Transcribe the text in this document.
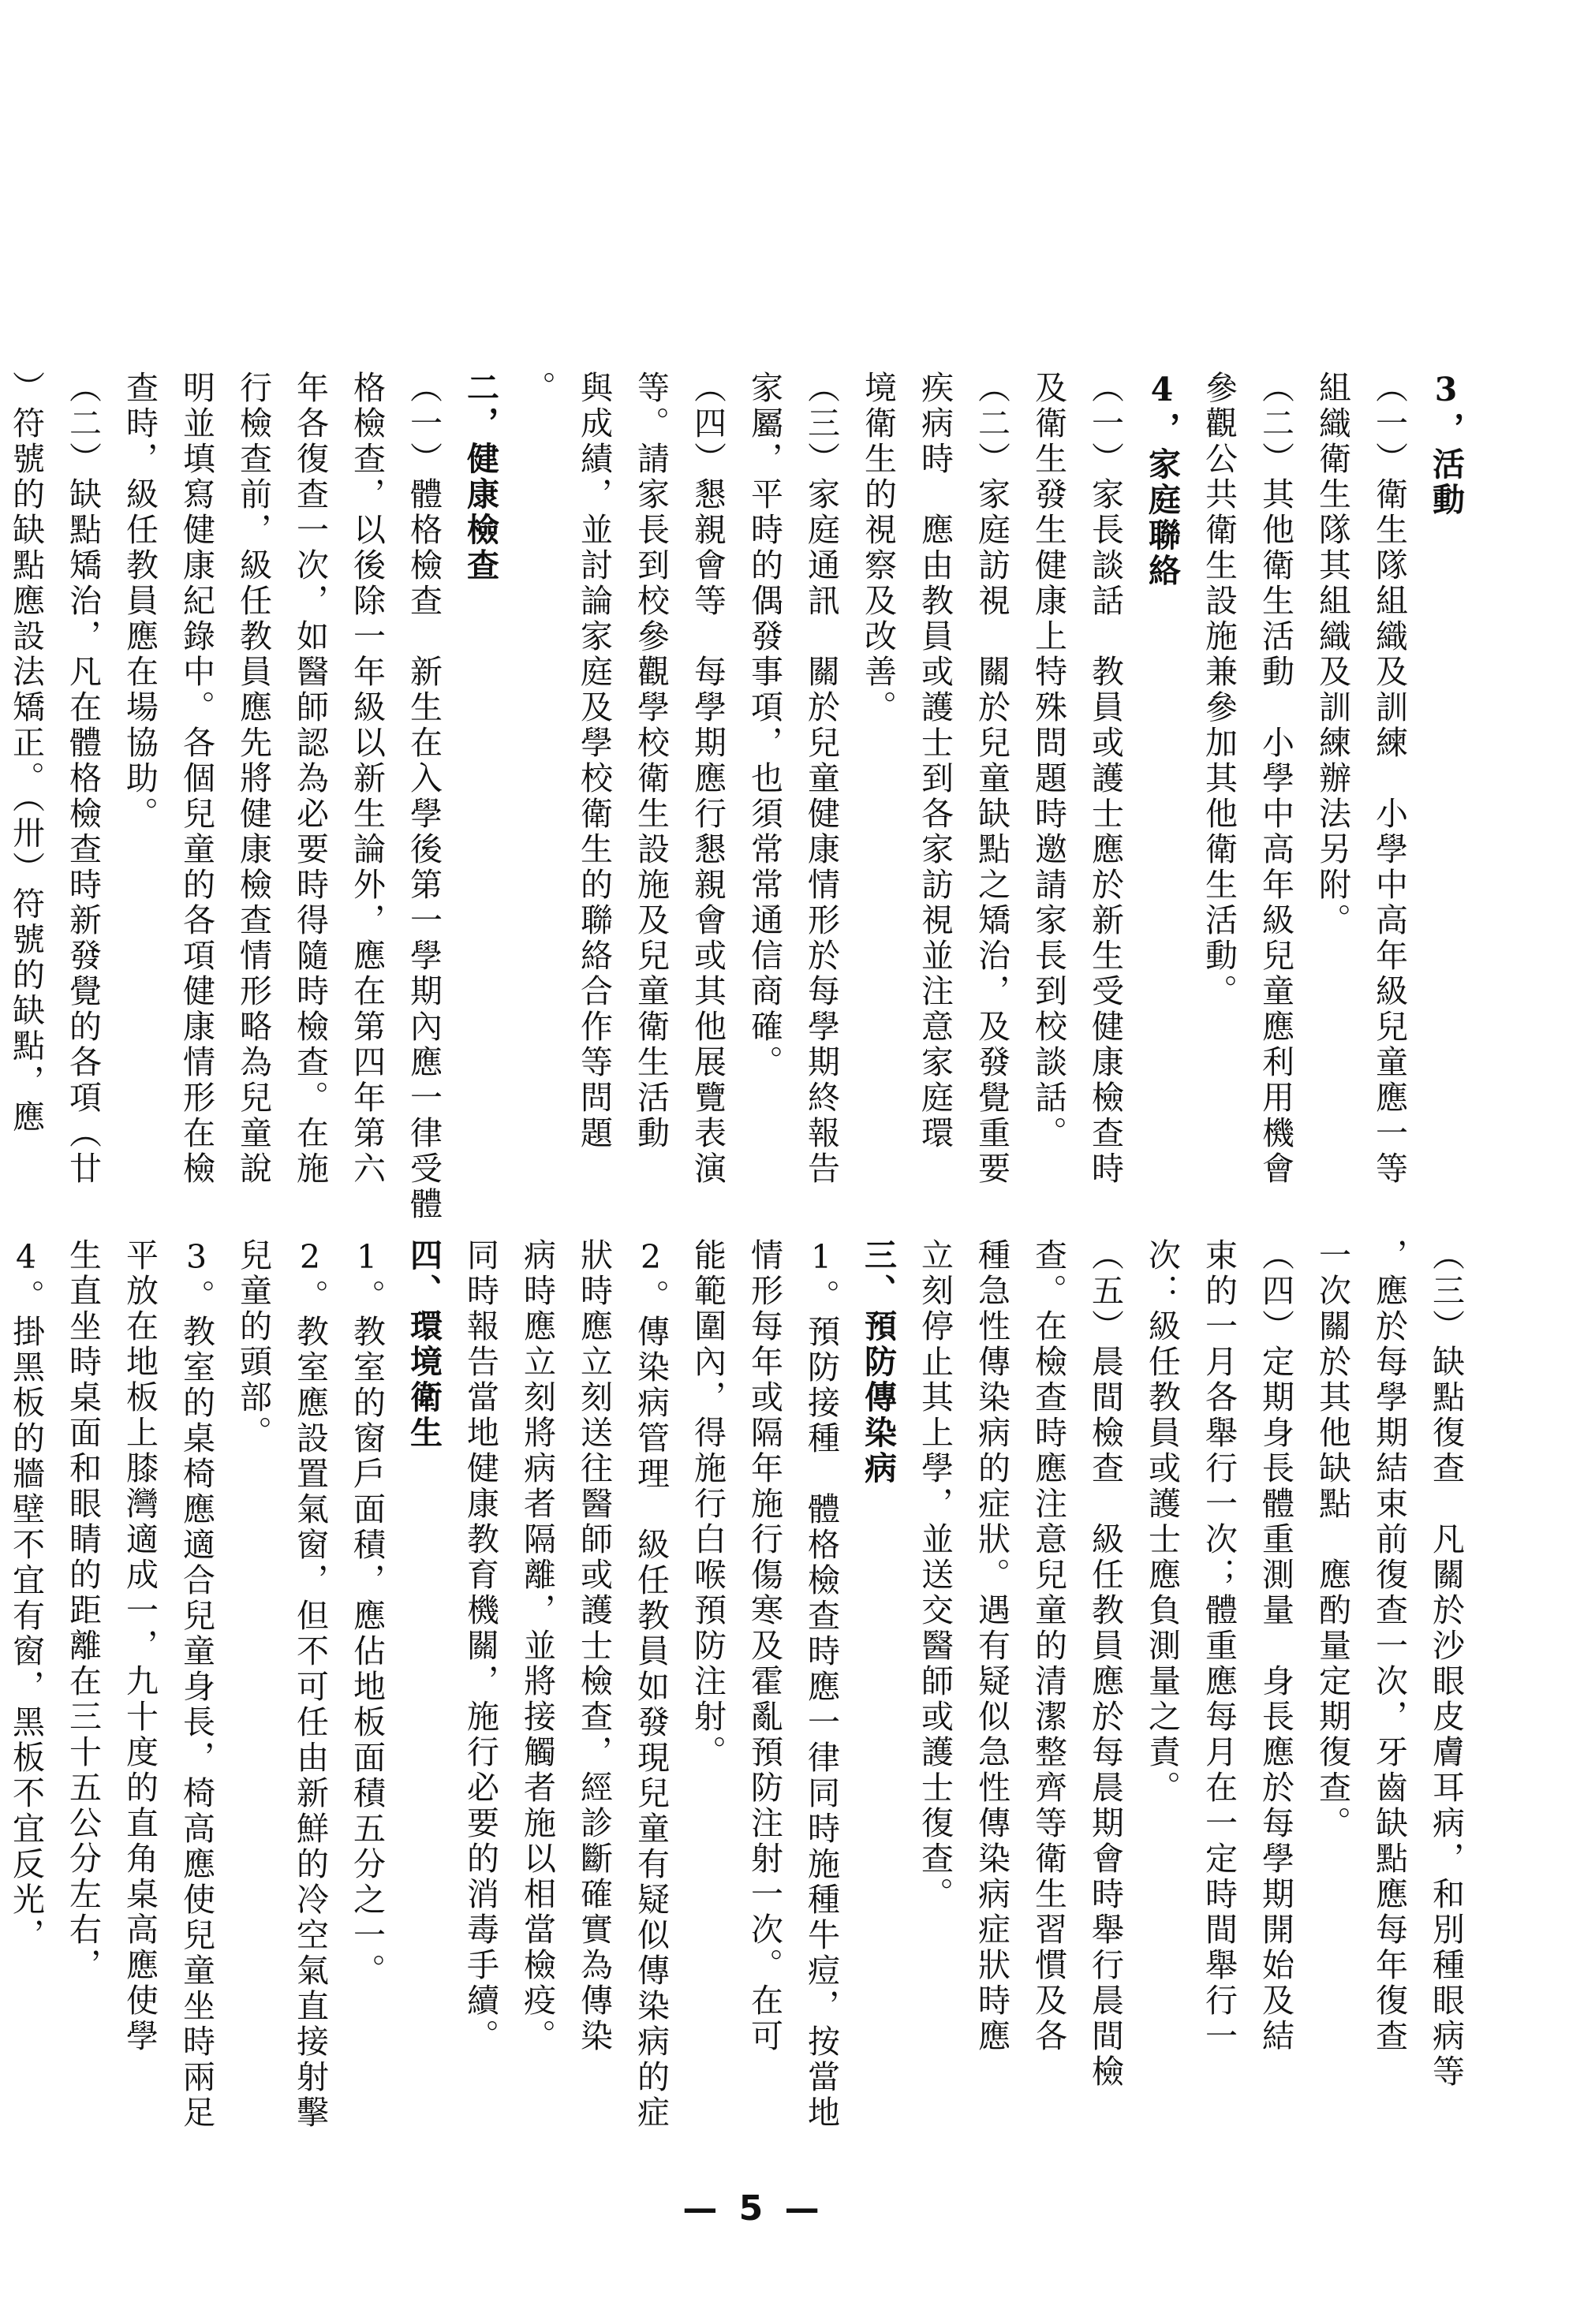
3，活動
（一）衛生隊組織及訓練　小學中高年級兒童應一等
組織衛生隊其組織及訓練辦法另附。
（二）其他衛生活動　小學中高年級兒童應利用機會
參觀公共衛生設施兼參加其他衛生活動。
4，家庭聯絡
（一）家長談話　教員或護士應於新生受健康檢查時
及衛生發生健康上特殊問題時邀請家長到校談話。
（二）家庭訪視　關於兒童缺點之矯治，及發覺重要
疾病時　應由教員或護士到各家訪視並注意家庭環
境衛生的視察及改善。
（三）家庭通訊　關於兒童健康情形於每學期終報告
家屬，平時的偶發事項，也須常常通信商確。
（四）懇親會等　每學期應行懇親會或其他展覽表演
等。請家長到校參觀學校衛生設施及兒童衛生活動
與成績，並討論家庭及學校衛生的聯絡合作等問題
。
二，健康檢查
（一）體格檢查　新生在入學後第一學期內應一律受體
格檢查，以後除一年級以新生論外，應在第四年第六
年各復查一次，如醫師認為必要時得隨時檢查。在施
行檢查前，級任教員應先將健康檢查情形略為兒童說
明並填寫健康紀錄中。各個兒童的各項健康情形在檢
查時，級任教員應在場協助。
（二）缺點矯治，凡在體格檢查時新發覺的各項（廿
）符號的缺點應設法矯正。（卅）符號的缺點，應
（三）缺點復查　凡關於沙眼皮膚耳病，和別種眼病等
，應於每學期結束前復查一次，牙齒缺點應每年復查
一次關於其他缺點　應酌量定期復查。
（四）定期身長體重測量　身長應於每學期開始及結
束的一月各舉行一次；體重應每月在一定時間舉行一
次：級任教員或護士應負測量之責。
（五）晨間檢查　級任教員應於每晨期會時舉行晨間檢
查。在檢查時應注意兒童的清潔整齊等衛生習慣及各
種急性傳染病的症狀。遇有疑似急性傳染病症狀時應
立刻停止其上學，並送交醫師或護士復查。
三、預防傳染病
1。預防接種　體格檢查時應一律同時施種牛痘，按當地
情形每年或隔年施行傷寒及霍亂預防注射一次。在可
能範圍內，得施行白喉預防注射。
2。傳染病管理　級任教員如發現兒童有疑似傳染病的症
狀時應立刻送往醫師或護士檢查，經診斷確實為傳染
病時應立刻將病者隔離，並將接觸者施以相當檢疫。
同時報告當地健康教育機關，施行必要的消毒手續。
四、環境衛生
1。教室的窗戶面積，應佔地板面積五分之一。
2。教室應設置氣窗，但不可任由新鮮的冷空氣直接射擊
兒童的頭部。
3。教室的桌椅應適合兒童身長，椅高應使兒童坐時兩足
平放在地板上膝灣適成一，九十度的直角桌高應使學
生直坐時桌面和眼睛的距離在三十五公分左右，
4。掛黑板的牆壁不宜有窗，黑板不宜反光，
— 5 —
